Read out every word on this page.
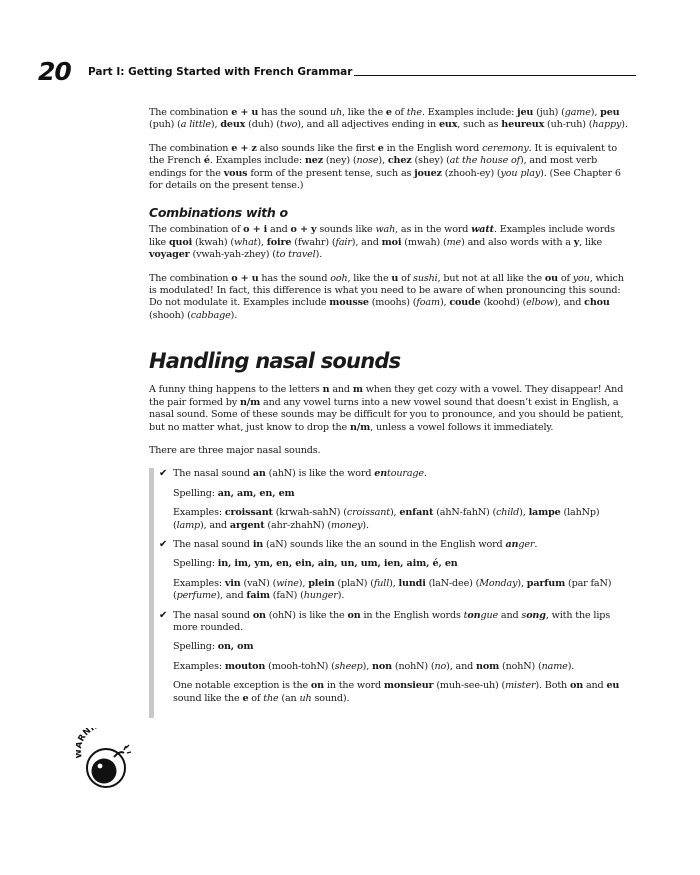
20 Part I: Getting Started with French Grammar

The combination e + u has the sound uh, like the e of the. Examples include: jeu (juh) (game), peu (puh) (a little), deux (duh) (two), and all adjectives ending in eux, such as heureux (uh-ruh) (happy).

The combination e + z also sounds like the first e in the English word ceremony. It is equivalent to the French é. Examples include: nez (ney) (nose), chez (shey) (at the house of), and most verb endings for the vous form of the present tense, such as jouez (zhooh-ey) (you play). (See Chapter 6 for details on the present tense.)

Combinations with o

The combination of o + i and o + y sounds like wah, as in the word watt. Examples include words like quoi (kwah) (what), foire (fwahr) (fair), and moi (mwah) (me) and also words with a y, like voyager (vwah-yah-zhey) (to travel).

The combination o + u has the sound ooh, like the u of sushi, but not at all like the ou of you, which is modulated! In fact, this difference is what you need to be aware of when pronouncing this sound: Do not modulate it. Examples include mousse (moohs) (foam), coude (koohd) (elbow), and chou (shooh) (cabbage).

Handling nasal sounds

A funny thing happens to the letters n and m when they get cozy with a vowel. They disappear! And the pair formed by n/m and any vowel turns into a new vowel sound that doesn’t exist in English, a nasal sound. Some of these sounds may be difficult for you to pronounce, and you should be patient, but no matter what, just know to drop the n/m, unless a vowel follows it immediately.

There are three major nasal sounds.

✔ The nasal sound an (ahN) is like the word entourage.
Spelling: an, am, en, em
Examples: croissant (krwah-sahN) (croissant), enfant (ahN-fahN) (child), lampe (lahNp) (lamp), and argent (ahr-zhahN) (money).
✔ The nasal sound in (aN) sounds like the an sound in the English word anger.
Spelling: in, im, ym, en, ein, ain, un, um, ien, aim, é, en
Examples: vin (vaN) (wine), plein (plaN) (full), lundi (laN-dee) (Monday), parfum (par faN) (perfume), and faim (faN) (hunger).
✔ The nasal sound on (ohN) is like the on in the English words tongue and song, with the lips more rounded.
Spelling: on, om
Examples: mouton (mooh-tohN) (sheep), non (nohN) (no), and nom (nohN) (name).
One notable exception is the on in the word monsieur (muh-see-uh) (mister). Both on and eu sound like the e of the (an uh sound).
RNI
